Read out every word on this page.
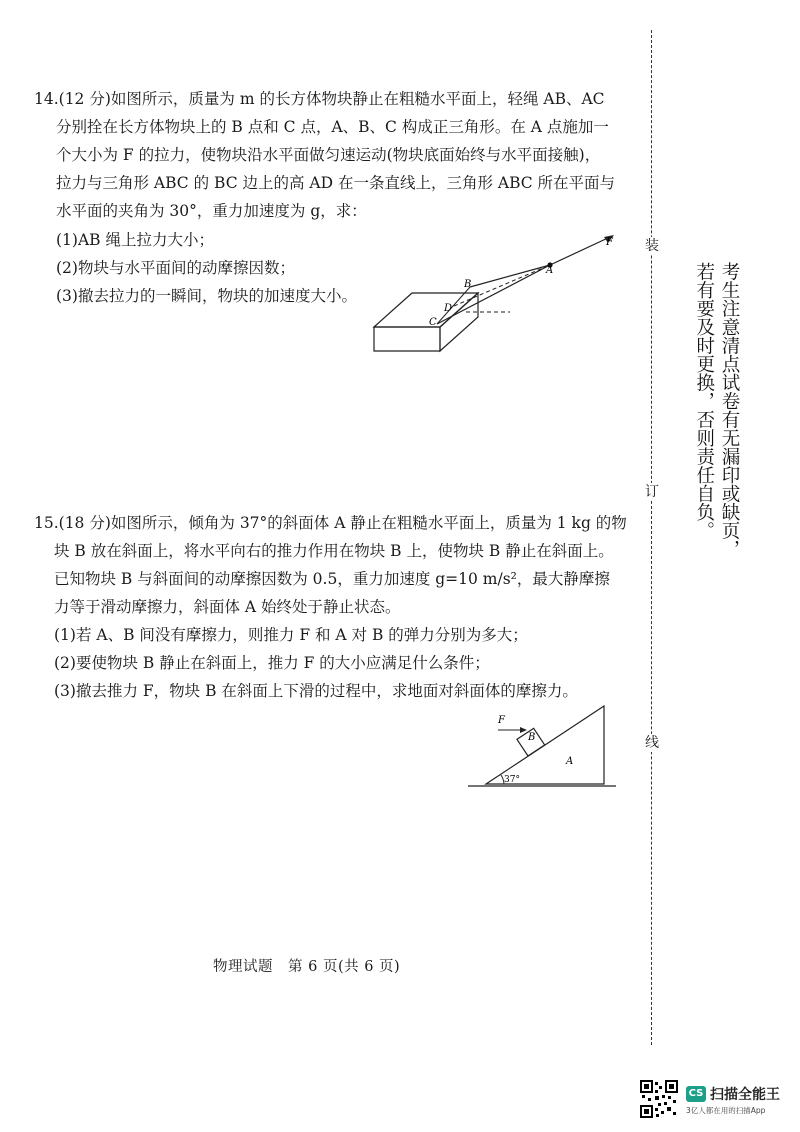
14.(12 分)如图所示，质量为 m 的长方体物块静止在粗糙水平面上，轻绳 AB、AC
分别拴在长方体物块上的 B 点和 C 点，A、B、C 构成正三角形。在 A 点施加一
个大小为 F 的拉力，使物块沿水平面做匀速运动(物块底面始终与水平面接触)，
拉力与三角形 ABC 的 BC 边上的高 AD 在一条直线上，三角形 ABC 所在平面与
水平面的夹角为 30°，重力加速度为 g，求：
(1)AB 绳上拉力大小；
(2)物块与水平面间的动摩擦因数；
(3)撤去拉力的一瞬间，物块的加速度大小。
F
A
B
C
D
15.(18 分)如图所示，倾角为 37°的斜面体 A 静止在粗糙水平面上，质量为 1 kg 的物
块 B 放在斜面上，将水平向右的推力作用在物块 B 上，使物块 B 静止在斜面上。
已知物块 B 与斜面间的动摩擦因数为 0.5，重力加速度 g=10 m/s²，最大静摩擦
力等于滑动摩擦力，斜面体 A 始终处于静止状态。
(1)若 A、B 间没有摩擦力，则推力 F 和 A 对 B 的弹力分别为多大；
(2)要使物块 B 静止在斜面上，推力 F 的大小应满足什么条件；
(3)撤去推力 F，物块 B 在斜面上下滑的过程中，求地面对斜面体的摩擦力。
F
B
A
37°
物理试题　第 6 页(共 6 页)
装
订
线
考生注意清点试卷有无漏印或缺页，
若有要及时更换，否则责任自负。
CS 扫描全能王
3亿人都在用的扫描App
